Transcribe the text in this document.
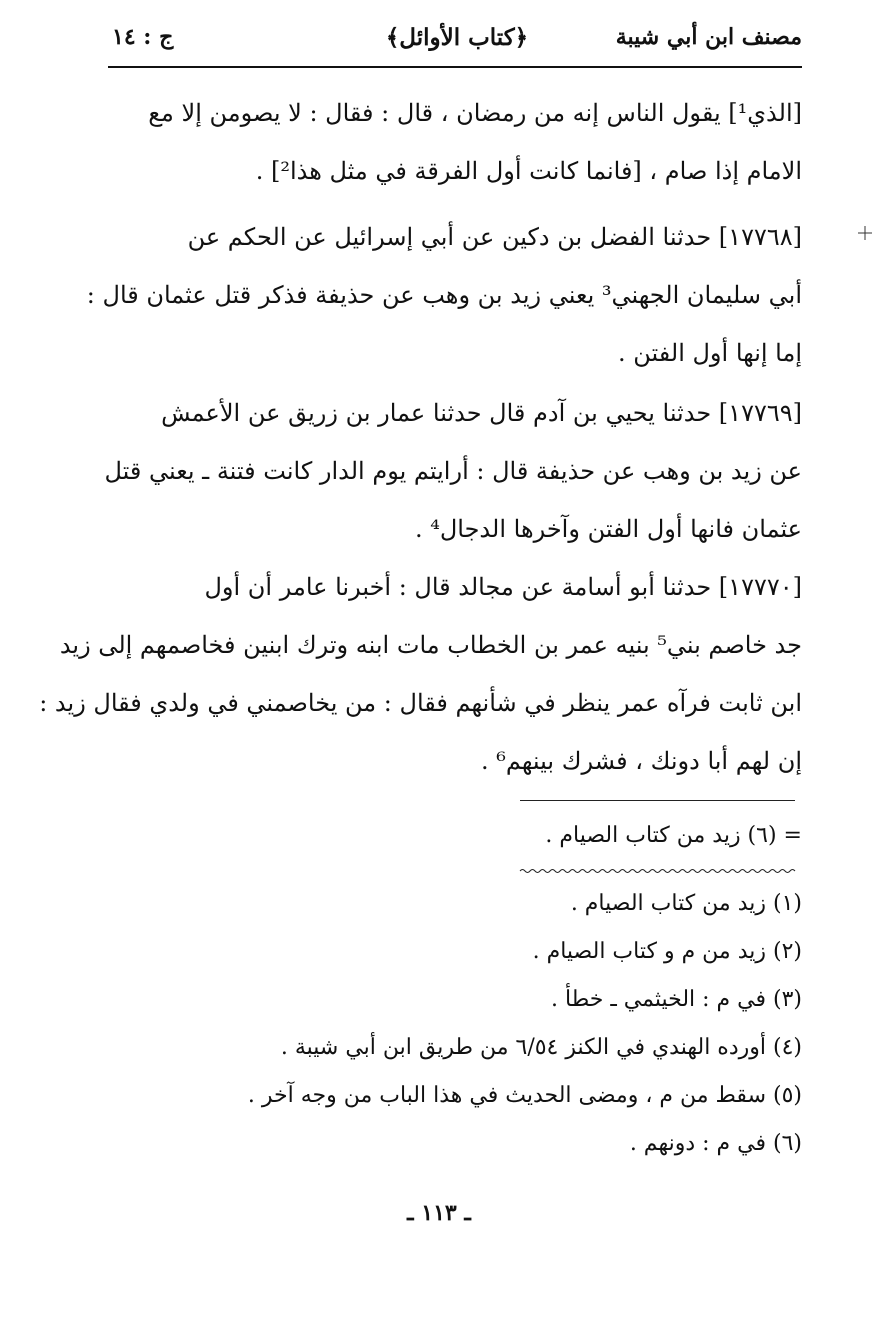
مصنف ابن أبي شيبة
﴿كتاب الأوائل﴾
ج : ١٤
[الذي¹] يقول الناس إنه من رمضان ، قال : فقال : لا يصومن إلا مع
الامام إذا صام ، [فانما كانت أول الفرقة في مثل هذا²] .
[١٧٧٦٨] حدثنا الفضل بن دكين عن أبي إسرائيل عن الحكم عن
أبي سليمان الجهني³ يعني زيد بن وهب عن حذيفة فذكر قتل عثمان قال :
إما إنها أول الفتن .
[١٧٧٦٩] حدثنا يحيي بن آدم قال حدثنا عمار بن زريق عن الأعمش
عن زيد بن وهب عن حذيفة قال : أرايتم يوم الدار كانت فتنة ـ يعني قتل
عثمان فانها أول الفتن وآخرها الدجال⁴ .
[١٧٧٧٠] حدثنا أبو أسامة عن مجالد قال : أخبرنا عامر أن أول
جد خاصم بني⁵ بنيه عمر بن الخطاب مات ابنه وترك ابنين فخاصمهم إلى زيد
ابن ثابت فرآه عمر ينظر في شأنهم فقال : من يخاصمني في ولدي فقال زيد :
إن لهم أبا دونك ، فشرك بينهم⁶ .
= (٦) زيد من كتاب الصيام .
(١) زيد من كتاب الصيام .
(٢) زيد من م و كتاب الصيام .
(٣) في م : الخيثمي ـ خطأ .
(٤) أورده الهندي في الكنز ٦/٥٤ من طريق ابن أبي شيبة .
(٥) سقط من م ، ومضى الحديث في هذا الباب من وجه آخر .
(٦) في م : دونهم .
ـ ١١٣ ـ
